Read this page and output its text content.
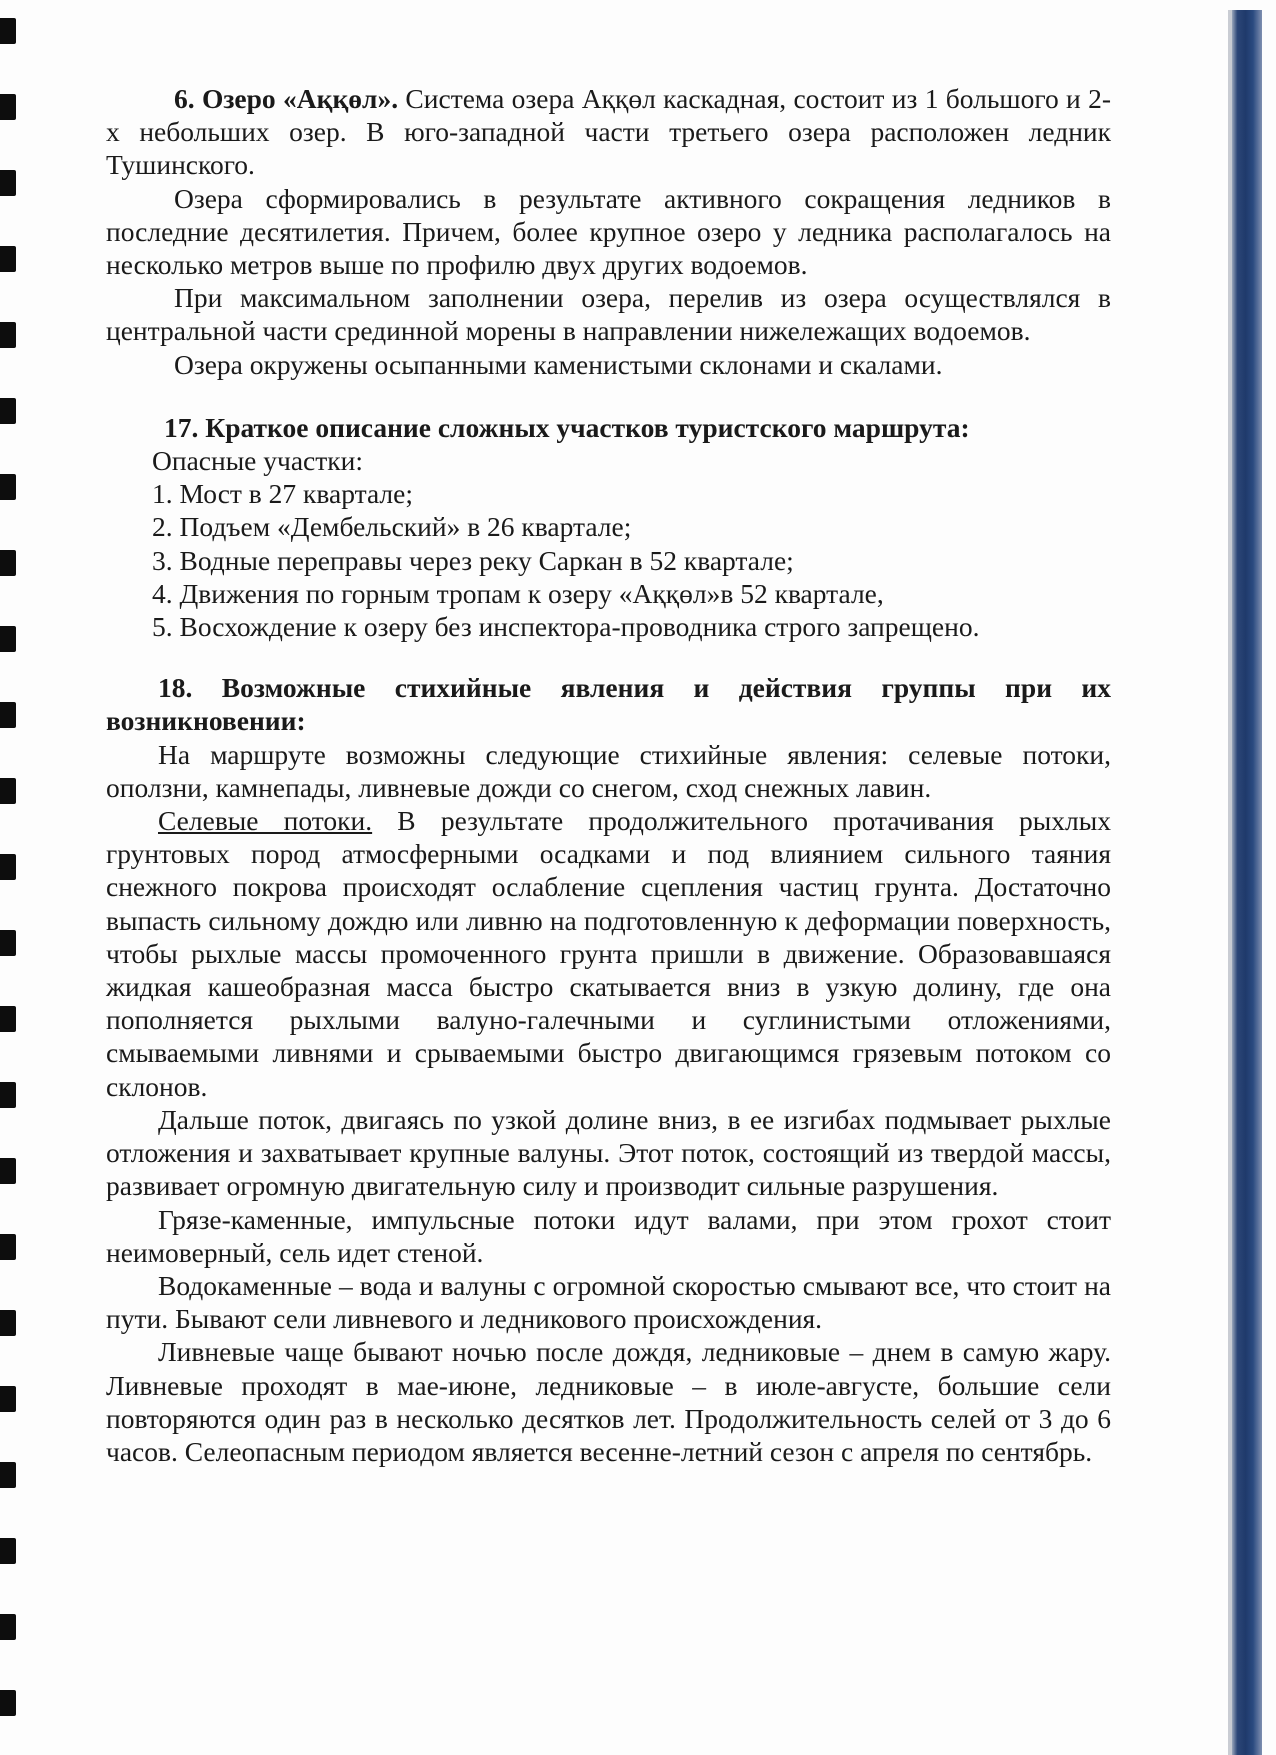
6. Озеро «Аққөл». Система озера Аққөл каскадная, состоит из 1 большого и 2-х небольших озер. В юго-западной части третьего озера расположен ледник Тушинского.

Озера сформировались в результате активного сокращения ледников в последние десятилетия. Причем, более крупное озеро у ледника располагалось на несколько метров выше по профилю двух других водоемов.

При максимальном заполнении озера, перелив из озера осуществлялся в центральной части срединной морены в направлении нижележащих водоемов.

Озера окружены осыпанными каменистыми склонами и скалами.

17. Краткое описание сложных участков туристского маршрута:

Опасные участки:

1. Мост в 27 квартале;
2. Подъем «Дембельский» в 26 квартале;
3. Водные переправы через реку Саркан в 52 квартале;
4. Движения по горным тропам к озеру «Аққөл»в 52 квартале,
5. Восхождение к озеру без инспектора-проводника строго запрещено.

18. Возможные стихийные явления и действия группы при их возникновении:

На маршруте возможны следующие стихийные явления: селевые потоки, оползни, камнепады, ливневые дожди со снегом, сход снежных лавин.

Селевые потоки. В результате продолжительного протачивания рыхлых грунтовых пород атмосферными осадками и под влиянием сильного таяния снежного покрова происходят ослабление сцепления частиц грунта. Достаточно выпасть сильному дождю или ливню на подготовленную к деформации поверхность, чтобы рыхлые массы промоченного грунта пришли в движение. Образовавшаяся жидкая кашеобразная масса быстро скатывается вниз в узкую долину, где она пополняется рыхлыми валуно-галечными и суглинистыми отложениями, смываемыми ливнями и срываемыми быстро двигающимся грязевым потоком со склонов.

Дальше поток, двигаясь по узкой долине вниз, в ее изгибах подмывает рыхлые отложения и захватывает крупные валуны. Этот поток, состоящий из твердой массы, развивает огромную двигательную силу и производит сильные разрушения.

Грязе-каменные, импульсные потоки идут валами, при этом грохот стоит неимоверный, сель идет стеной.

Водокаменные – вода и валуны с огромной скоростью смывают все, что стоит на пути. Бывают сели ливневого и ледникового происхождения.

Ливневые чаще бывают ночью после дождя, ледниковые – днем в самую жару. Ливневые проходят в мае-июне, ледниковые – в июле-августе, большие сели повторяются один раз в несколько десятков лет. Продолжительность селей от 3 до 6 часов. Селеопасным периодом является весенне-летний сезон с апреля по сентябрь.
